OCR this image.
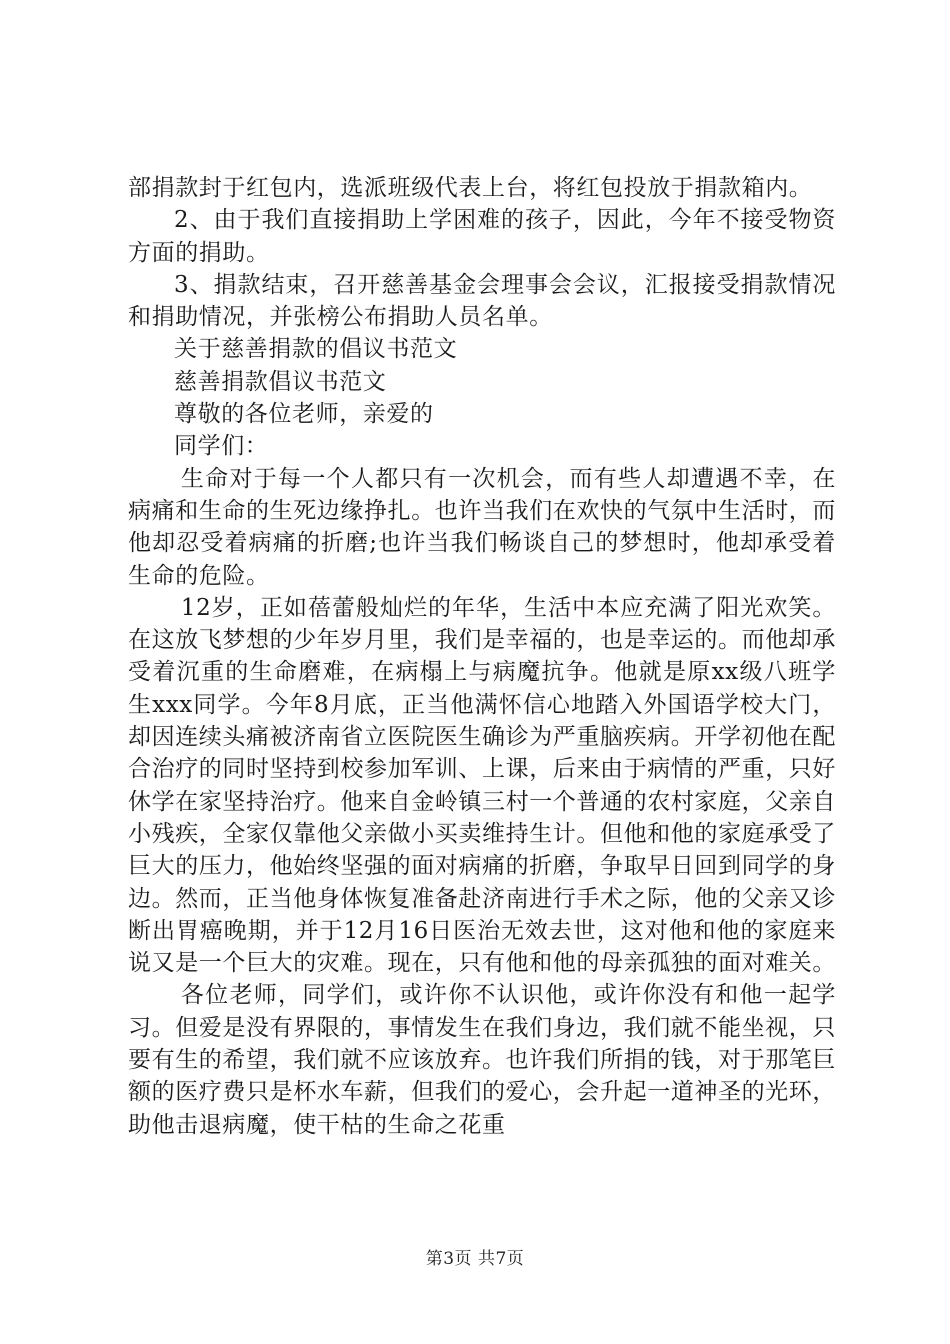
部捐款封于红包内，选派班级代表上台，将红包投放于捐款箱内。

2、由于我们直接捐助上学困难的孩子，因此，今年不接受物资方面的捐助。

3、捐款结束，召开慈善基金会理事会会议，汇报接受捐款情况和捐助情况，并张榜公布捐助人员名单。

关于慈善捐款的倡议书范文

慈善捐款倡议书范文

尊敬的各位老师，亲爱的

同学们：

生命对于每一个人都只有一次机会，而有些人却遭遇不幸，在病痛和生命的生死边缘挣扎。也许当我们在欢快的气氛中生活时，而他却忍受着病痛的折磨;也许当我们畅谈自己的梦想时，他却承受着生命的危险。

12岁，正如蓓蕾般灿烂的年华，生活中本应充满了阳光欢笑。在这放飞梦想的少年岁月里，我们是幸福的，也是幸运的。而他却承受着沉重的生命磨难，在病榻上与病魔抗争。他就是原xx级八班学生xxx同学。今年8月底，正当他满怀信心地踏入外国语学校大门，却因连续头痛被济南省立医院医生确诊为严重脑疾病。开学初他在配合治疗的同时坚持到校参加军训、上课，后来由于病情的严重，只好休学在家坚持治疗。他来自金岭镇三村一个普通的农村家庭，父亲自小残疾，全家仅靠他父亲做小买卖维持生计。但他和他的家庭承受了巨大的压力，他始终坚强的面对病痛的折磨，争取早日回到同学的身边。然而，正当他身体恢复准备赴济南进行手术之际，他的父亲又诊断出胃癌晚期，并于12月16日医治无效去世，这对他和他的家庭来说又是一个巨大的灾难。现在，只有他和他的母亲孤独的面对难关。

各位老师，同学们，或许你不认识他，或许你没有和他一起学习。但爱是没有界限的，事情发生在我们身边，我们就不能坐视，只要有生的希望，我们就不应该放弃。也许我们所捐的钱，对于那笔巨额的医疗费只是杯水车薪，但我们的爱心，会升起一道神圣的光环，助他击退病魔，使干枯的生命之花重

第3页 共7页
